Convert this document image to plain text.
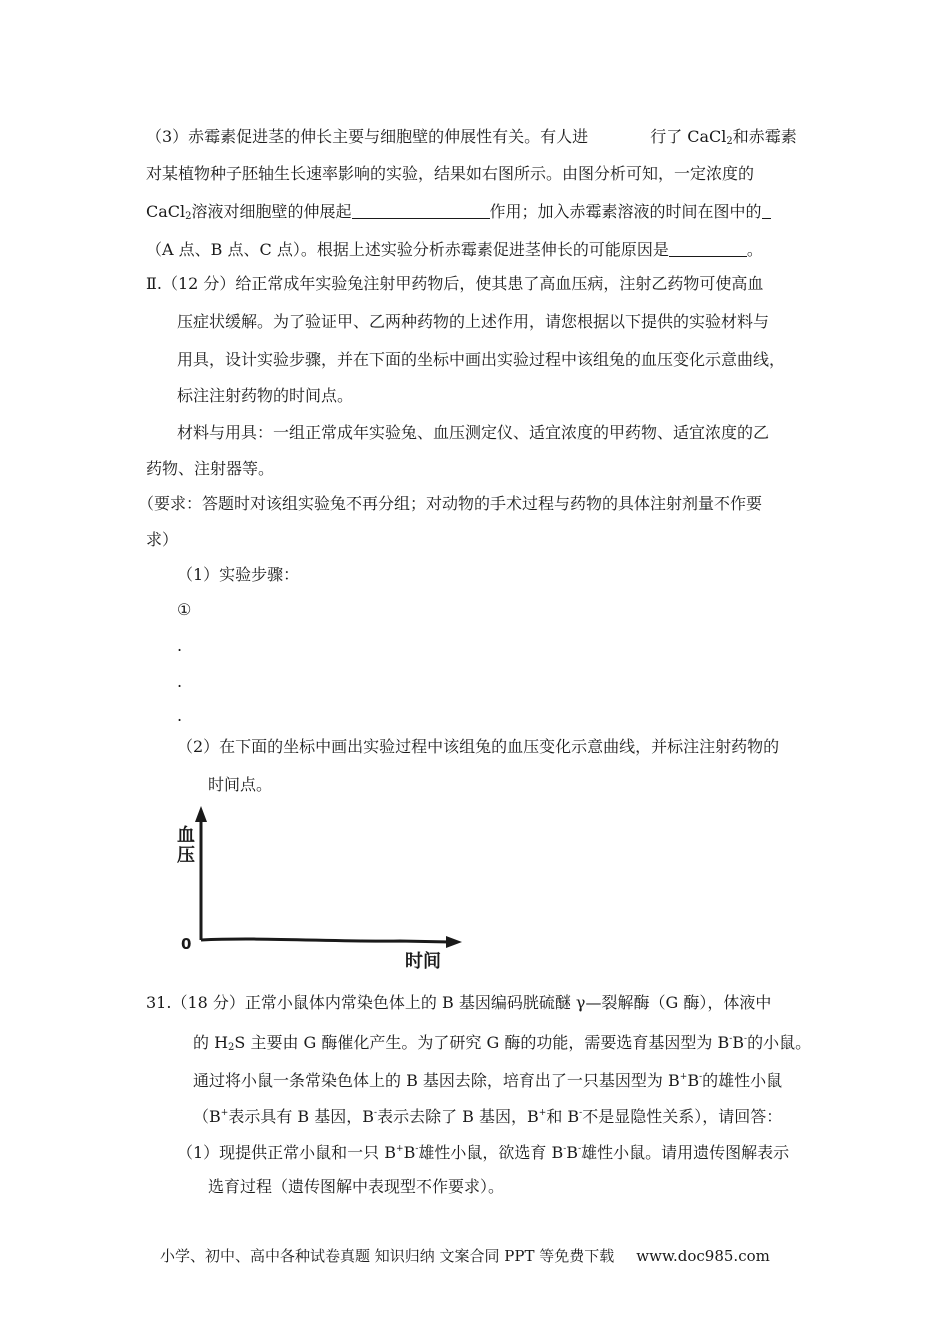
（3）赤霉素促进茎的伸长主要与细胞壁的伸展性有关。有人进	行了 CaCl$_2$和赤霉素
对某植物种子胚轴生长速率影响的实验，结果如右图所示。由图分析可知，一定浓度的
CaCl$_2$溶液对细胞壁的伸展起	作用；加入赤霉素溶液的时间在图中的
（A 点、B 点、C 点）。根据上述实验分析赤霉素促进茎伸长的可能原因是	。
Ⅱ.（12 分）给正常成年实验兔注射甲药物后，使其患了高血压病，注射乙药物可使高血
压症状缓解。为了验证甲、乙两种药物的上述作用，请您根据以下提供的实验材料与
用具，设计实验步骤，并在下面的坐标中画出实验过程中该组兔的血压变化示意曲线，
标注注射药物的时间点。
材料与用具：一组正常成年实验兔、血压测定仪、适宜浓度的甲药物、适宜浓度的乙
药物、注射器等。
（要求：答题时对该组实验兔不再分组；对动物的手术过程与药物的具体注射剂量不作要
求）
（1）实验步骤：
①
.
.
.
（2）在下面的坐标中画出实验过程中该组兔的血压变化示意曲线，并标注注射药物的
时间点。
血
压
0
时间
31.（18 分）正常小鼠体内常染色体上的 B 基因编码胱硫醚 γ—裂解酶（G 酶），体液中
的 $H_2S$ 主要由 G 酶催化产生。为了研究 G 酶的功能，需要选育基因型为 B-B-的小鼠。
通过将小鼠一条常染色体上的 B 基因去除，培育出了一只基因型为 B+B-的雄性小鼠
（B+表示具有 B 基因，B-表示去除了 B 基因，B+和 B-不是显隐性关系），请回答：
（1）现提供正常小鼠和一只 B+B-雄性小鼠，欲选育 B-B-雄性小鼠。请用遗传图解表示
选育过程（遗传图解中表现型不作要求）。
小学、初中、高中各种试卷真题 知识归纳 文案合同 PPT 等免费下载 www.doc985.com
